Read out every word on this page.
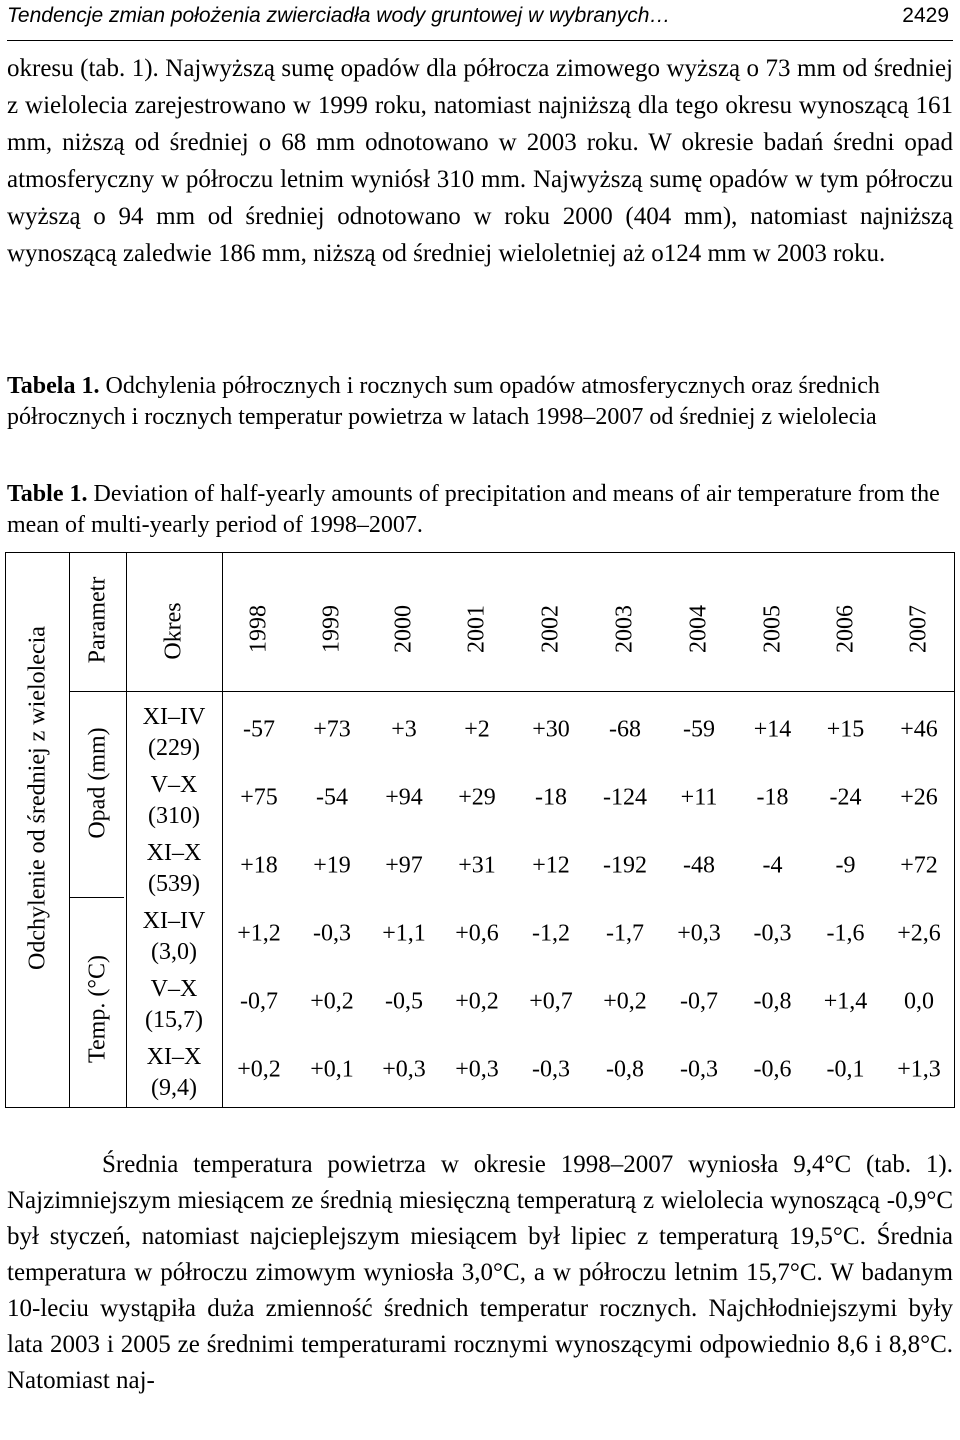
Tendencje zmian położenia zwierciadła wody gruntowej w wybranych…	2429

okresu (tab. 1). Najwyższą sumę opadów dla półrocza zimowego wyższą o 73 mm od średniej z wielolecia zarejestrowano w 1999 roku, natomiast najniższą dla tego okresu wynoszącą 161 mm, niższą od średniej o 68 mm odnotowano w 2003 roku. W okresie badań średni opad atmosferyczny w półroczu letnim wyniósł 310 mm. Najwyższą sumę opadów w tym półroczu wyższą o 94 mm od średniej odnotowano w roku 2000 (404 mm), natomiast najniższą wynoszącą zaledwie 186 mm, niższą od średniej wieloletniej aż o124 mm w 2003 roku.

Tabela 1. Odchylenia półrocznych i rocznych sum opadów atmosferycznych oraz średnich półrocznych i rocznych temperatur powietrza w latach 1998–2007 od średniej z wielolecia

Table 1. Deviation of half-yearly amounts of precipitation and means of air temperature from the mean of multi-yearly period of 1998–2007.

Odchylenie od średniej z wielolecia
Parametr Okres 1998 1999 2000 2001 2002 2003 2004 2005 2006 2007
Opad (mm)
Temp. (°C)
XI–IV
(229)
-57 +73 +3 +2 +30 -68 -59 +14 +15 +46
V–X
(310)
+75 -54 +94 +29 -18 -124 +11 -18 -24 +26
XI–X
(539)
+18 +19 +97 +31 +12 -192 -48 -4 -9 +72
XI–IV
(3,0)
+1,2 -0,3 +1,1 +0,6 -1,2 -1,7 +0,3 -0,3 -1,6 +2,6
V–X
(15,7)
-0,7 +0,2 -0,5 +0,2 +0,7 +0,2 -0,7 -0,8 +1,4 0,0
XI–X
(9,4)
+0,2 +0,1 +0,3 +0,3 -0,3 -0,8 -0,3 -0,6 -0,1 +1,3

Średnia temperatura powietrza w okresie 1998–2007 wyniosła 9,4°C (tab. 1). Najzimniejszym miesiącem ze średnią miesięczną temperaturą z wielolecia wynoszącą -0,9°C był styczeń, natomiast najcieplejszym miesiącem był lipiec z temperaturą 19,5°C. Średnia temperatura w półroczu zimowym wyniosła 3,0°C, a w półroczu letnim 15,7°C. W badanym 10-leciu wystąpiła duża zmienność średnich temperatur rocznych. Najchłodniejszymi były lata 2003 i 2005 ze średnimi temperaturami rocznymi wynoszącymi odpowiednio 8,6 i 8,8°C. Natomiast naj-
